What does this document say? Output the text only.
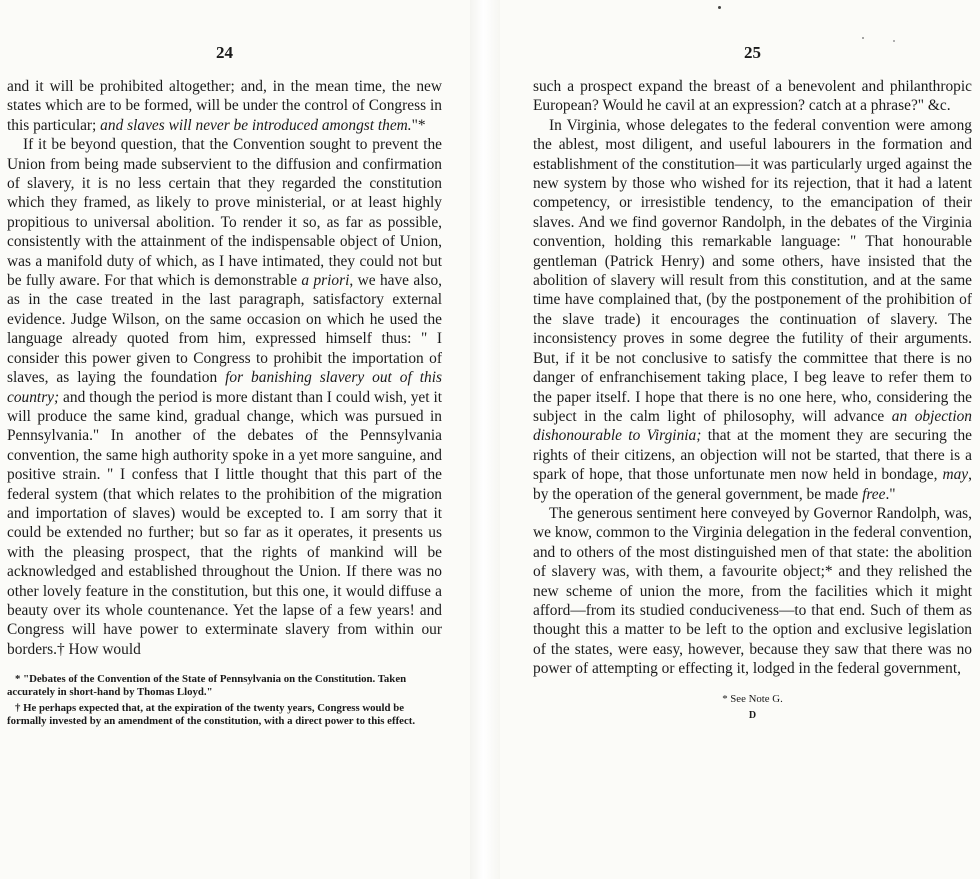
24

and it will be prohibited altogether; and, in the mean time, the new states which are to be formed, will be under the control of Congress in this particular; and slaves will never be introduced amongst them."*

If it be beyond question, that the Convention sought to prevent the Union from being made subservient to the diffusion and confirmation of slavery, it is no less certain that they regarded the constitution which they framed, as likely to prove ministerial, or at least highly propitious to universal abolition. To render it so, as far as possible, consistently with the attainment of the indispensable object of Union, was a manifold duty of which, as I have intimated, they could not but be fully aware. For that which is demonstrable a priori, we have also, as in the case treated in the last paragraph, satisfactory external evidence. Judge Wilson, on the same occasion on which he used the language already quoted from him, expressed himself thus: " I consider this power given to Congress to prohibit the importation of slaves, as laying the foundation for banishing slavery out of this country; and though the period is more distant than I could wish, yet it will produce the same kind, gradual change, which was pursued in Pennsylvania." In another of the debates of the Pennsylvania convention, the same high authority spoke in a yet more sanguine, and positive strain. " I confess that I little thought that this part of the federal system (that which relates to the prohibition of the migration and importation of slaves) would be excepted to. I am sorry that it could be extended no further; but so far as it operates, it presents us with the pleasing prospect, that the rights of mankind will be acknowledged and established throughout the Union. If there was no other lovely feature in the constitution, but this one, it would diffuse a beauty over its whole countenance. Yet the lapse of a few years! and Congress will have power to exterminate slavery from within our borders.† How would

* "Debates of the Convention of the State of Pennsylvania on the Constitution. Taken accurately in short-hand by Thomas Lloyd."

† He perhaps expected that, at the expiration of the twenty years, Congress would be formally invested by an amendment of the constitution, with a direct power to this effect.

25

such a prospect expand the breast of a benevolent and philanthropic European? Would he cavil at an expression? catch at a phrase?" &c.

In Virginia, whose delegates to the federal convention were among the ablest, most diligent, and useful labourers in the formation and establishment of the constitution—it was particularly urged against the new system by those who wished for its rejection, that it had a latent competency, or irresistible tendency, to the emancipation of their slaves. And we find governor Randolph, in the debates of the Virginia convention, holding this remarkable language: " That honourable gentleman (Patrick Henry) and some others, have insisted that the abolition of slavery will result from this constitution, and at the same time have complained that, (by the postponement of the prohibition of the slave trade) it encourages the continuation of slavery. The inconsistency proves in some degree the futility of their arguments. But, if it be not conclusive to satisfy the committee that there is no danger of enfranchisement taking place, I beg leave to refer them to the paper itself. I hope that there is no one here, who, considering the subject in the calm light of philosophy, will advance an objection dishonourable to Virginia; that at the moment they are securing the rights of their citizens, an objection will not be started, that there is a spark of hope, that those unfortunate men now held in bondage, may, by the operation of the general government, be made free."

The generous sentiment here conveyed by Governor Randolph, was, we know, common to the Virginia delegation in the federal convention, and to others of the most distinguished men of that state: the abolition of slavery was, with them, a favourite object;* and they relished the new scheme of union the more, from the facilities which it might afford—from its studied conduciveness—to that end. Such of them as thought this a matter to be left to the option and exclusive legislation of the states, were easy, however, because they saw that there was no power of attempting or effecting it, lodged in the federal government,

* See Note G.

D
